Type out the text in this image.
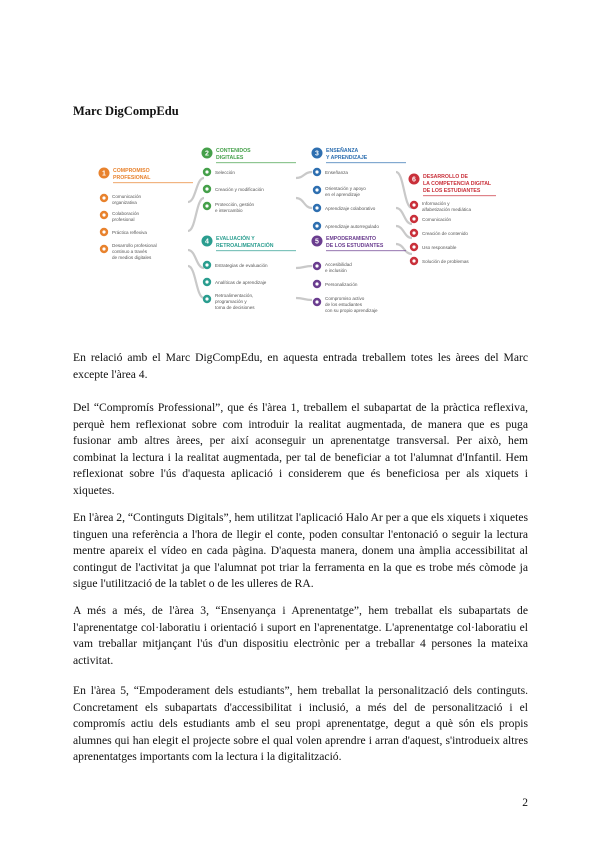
Marc DigCompEdu
1 COMPROMISO
PROFESIONAL
Comunicación
organizativa
Colaboración
profesional
Práctica reflexiva
Desarrollo profesional
continuo a través
de medios digitales
2 CONTENIDOS
DIGITALES
Selección
Creación y modificación
Protección, gestión
e intercambio
3 ENSEÑANZA
Y APRENDIZAJE
Enseñanza
Orientación y apoyo
en el aprendizaje
Aprendizaje colaborativo
Aprendizaje autorregulado
4 EVALUACIÓN Y
RETROALIMENTACIÓN
Estrategias de evaluación
Analíticas de aprendizaje
Retroalimentación,
programación y
toma de decisiones
5 EMPODERAMIENTO
DE LOS ESTUDIANTES
Accesibilidad
e inclusión
Personalización
Compromiso activo
de los estudiantes
con su propio aprendizaje
6 DESARROLLO DE
LA COMPETENCIA DIGITAL
DE LOS ESTUDIANTES
Información y
alfabetización mediática
Comunicación
Creación de contenido
Uso responsable
Solución de problemas
En relació amb el Marc DigCompEdu, en aquesta entrada treballem totes les àrees del Marc excepte l'àrea 4.
Del “Compromís Professional”, que és l'àrea 1, treballem el subapartat de la pràctica reflexiva, perquè hem reflexionat sobre com introduir la realitat augmentada, de manera que es puga fusionar amb altres àrees, per així aconseguir un aprenentatge transversal. Per això, hem combinat la lectura i la realitat augmentada, per tal de beneficiar a tot l'alumnat d'Infantil. Hem reflexionat sobre l'ús d'aquesta aplicació i considerem que és beneficiosa per als xiquets i xiquetes.
En l'àrea 2, “Continguts Digitals”, hem utilitzat l'aplicació Halo Ar per a que els xiquets i xiquetes tinguen una referència a l'hora de llegir el conte, poden consultar l'entonació o seguir la lectura mentre apareix el vídeo en cada pàgina. D'aquesta manera, donem una àmplia accessibilitat al contingut de l'activitat ja que l'alumnat pot triar la ferramenta en la que es trobe més còmode ja sigue l'utilització de la tablet o de les ulleres de RA.
A més a més, de l'àrea 3, “Ensenyança i Aprenentatge”, hem treballat els subapartats de l'aprenentatge col·laboratiu i orientació i suport en l'aprenentatge. L'aprenentatge col·laboratiu el vam treballar mitjançant l'ús d'un dispositiu electrònic per a treballar 4 persones la mateixa activitat.
En l'àrea 5, “Empoderament dels estudiants”, hem treballat la personalització dels continguts. Concretament els subapartats d'accessibilitat i inclusió, a més del de personalització i el compromís actiu dels estudiants amb el seu propi aprenentatge, degut a què són els propis alumnes qui han elegit el projecte sobre el qual volen aprendre i arran d'aquest, s'introdueix altres aprenentatges importants com la lectura i la digitalització.
2
